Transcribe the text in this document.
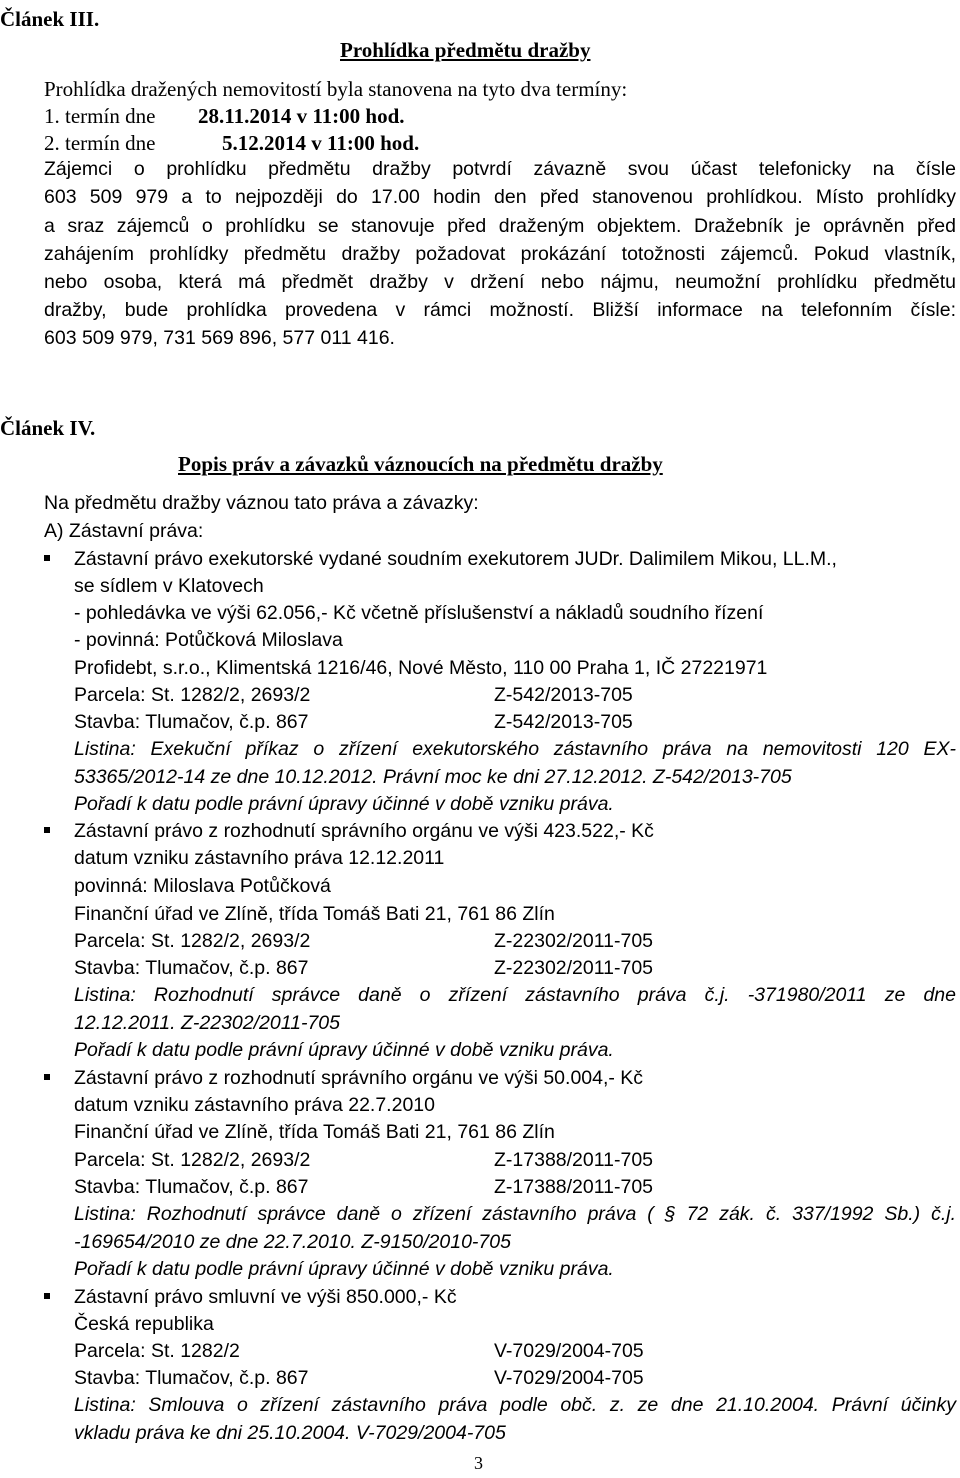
Článek III.
Prohlídka předmětu dražby
Prohlídka dražených nemovitostí byla stanovena na tyto dva termíny:
1. termín dne 28.11.2014 v 11:00 hod.
2. termín dne	5.12.2014 v 11:00 hod.
Zájemci o prohlídku předmětu dražby potvrdí závazně svou účast telefonicky na čísle
603 509 979 a to nejpozději do 17.00 hodin den před stanovenou prohlídkou. Místo prohlídky
a sraz zájemců o prohlídku se stanovuje před draženým objektem. Dražebník je oprávněn před
zahájením prohlídky předmětu dražby požadovat prokázání totožnosti zájemců. Pokud vlastník,
nebo osoba, která má předmět dražby v držení nebo nájmu, neumožní prohlídku předmětu
dražby, bude prohlídka provedena v rámci možností. Bližší informace na telefonním čísle:
603 509 979, 731 569 896, 577 011 416.
Článek IV.
Popis práv a závazků váznoucích na předmětu dražby
Na předmětu dražby váznou tato práva a závazky:
A) Zástavní práva:
Zástavní právo exekutorské vydané soudním exekutorem JUDr. Dalimilem Mikou, LL.M.,
se sídlem v Klatovech
- pohledávka ve výši 62.056,- Kč včetně příslušenství a nákladů soudního řízení
- povinná: Potůčková Miloslava
Profidebt, s.r.o., Klimentská 1216/46, Nové Město, 110 00 Praha 1, IČ 27221971
Parcela: St. 1282/2, 2693/2	Z-542/2013-705
Stavba: Tlumačov, č.p. 867	Z-542/2013-705
Listina: Exekuční příkaz o zřízení exekutorského zástavního práva na nemovitosti 120 EX-
53365/2012-14 ze dne 10.12.2012. Právní moc ke dni 27.12.2012. Z-542/2013-705
Pořadí k datu podle právní úpravy účinné v době vzniku práva.
Zástavní právo z rozhodnutí správního orgánu ve výši 423.522,- Kč
datum vzniku zástavního práva 12.12.2011
povinná: Miloslava Potůčková
Finanční úřad ve Zlíně, třída Tomáš Bati 21, 761 86 Zlín
Parcela: St. 1282/2, 2693/2	Z-22302/2011-705
Stavba: Tlumačov, č.p. 867	Z-22302/2011-705
Listina: Rozhodnutí správce daně o zřízení zástavního práva č.j. -371980/2011 ze dne
12.12.2011. Z-22302/2011-705
Pořadí k datu podle právní úpravy účinné v době vzniku práva.
Zástavní právo z rozhodnutí správního orgánu ve výši 50.004,- Kč
datum vzniku zástavního práva 22.7.2010
Finanční úřad ve Zlíně, třída Tomáš Bati 21, 761 86 Zlín
Parcela: St. 1282/2, 2693/2	Z-17388/2011-705
Stavba: Tlumačov, č.p. 867	Z-17388/2011-705
Listina: Rozhodnutí správce daně o zřízení zástavního práva ( § 72 zák. č. 337/1992 Sb.) č.j.
-169654/2010 ze dne 22.7.2010. Z-9150/2010-705
Pořadí k datu podle právní úpravy účinné v době vzniku práva.
Zástavní právo smluvní ve výši 850.000,- Kč
Česká republika
Parcela: St. 1282/2	V-7029/2004-705
Stavba: Tlumačov, č.p. 867	V-7029/2004-705
Listina: Smlouva o zřízení zástavního práva podle obč. z. ze dne 21.10.2004. Právní účinky
vkladu práva ke dni 25.10.2004. V-7029/2004-705
3
